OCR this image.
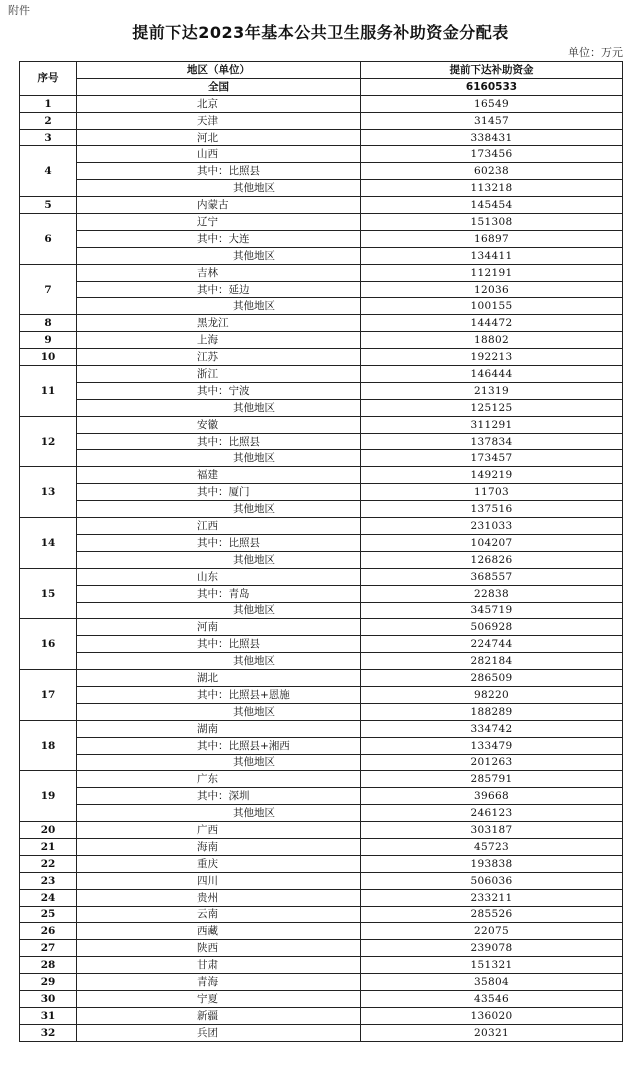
附件
提前下达2023年基本公共卫生服务补助资金分配表
单位：万元
序号	地区（单位）	提前下达补助资金
	全国	6160533
1	北京	16549
2	天津	31457
3	河北	338431
4	山西	173456
	其中：比照县	60238
	其他地区	113218
5	内蒙古	145454
6	辽宁	151308
	其中：大连	16897
	其他地区	134411
7	吉林	112191
	其中：延边	12036
	其他地区	100155
8	黑龙江	144472
9	上海	18802
10	江苏	192213
11	浙江	146444
	其中：宁波	21319
	其他地区	125125
12	安徽	311291
	其中：比照县	137834
	其他地区	173457
13	福建	149219
	其中：厦门	11703
	其他地区	137516
14	江西	231033
	其中：比照县	104207
	其他地区	126826
15	山东	368557
	其中：青岛	22838
	其他地区	345719
16	河南	506928
	其中：比照县	224744
	其他地区	282184
17	湖北	286509
	其中：比照县+恩施	98220
	其他地区	188289
18	湖南	334742
	其中：比照县+湘西	133479
	其他地区	201263
19	广东	285791
	其中：深圳	39668
	其他地区	246123
20	广西	303187
21	海南	45723
22	重庆	193838
23	四川	506036
24	贵州	233211
25	云南	285526
26	西藏	22075
27	陕西	239078
28	甘肃	151321
29	青海	35804
30	宁夏	43546
31	新疆	136020
32	兵团	20321
